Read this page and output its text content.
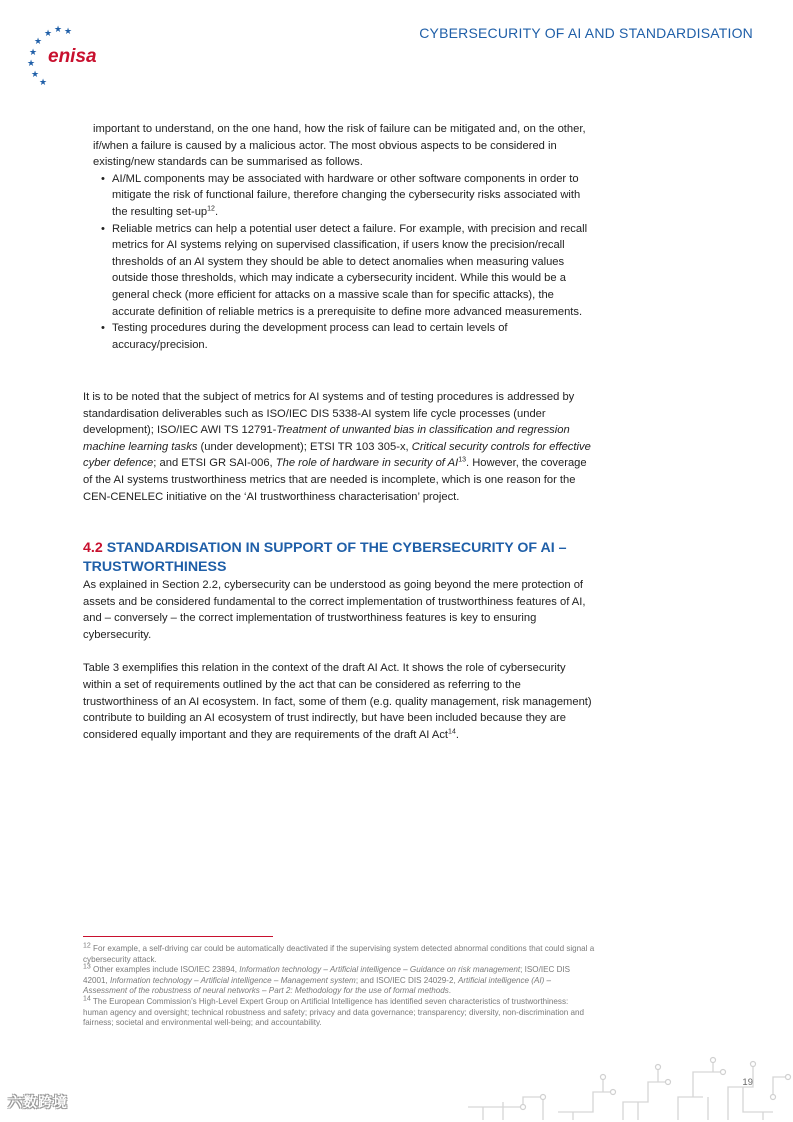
★ ★ ★
★
★
★
★
★
enisa
CYBERSECURITY OF AI AND STANDARDISATION
important to understand, on the one hand, how the risk of failure can be mitigated and, on the other, if/when a failure is caused by a malicious actor. The most obvious aspects to be considered in existing/new standards can be summarised as follows.
• AI/ML components may be associated with hardware or other software components in order to mitigate the risk of functional failure, therefore changing the cybersecurity risks associated with the resulting set-$up^{12}$.
• Reliable metrics can help a potential user detect a failure. For example, with precision and recall metrics for AI systems relying on supervised classification, if users know the precision/recall thresholds of an AI system they should be able to detect anomalies when measuring values outside those thresholds, which may indicate a cybersecurity incident. While this would be a general check (more efficient for attacks on a massive scale than for specific attacks), the accurate definition of reliable metrics is a prerequisite to define more advanced measurements.
• Testing procedures during the development process can lead to certain levels of accuracy/precision.
It is to be noted that the subject of metrics for AI systems and of testing procedures is addressed by standardisation deliverables such as ISO/IEC DIS 5338-AI system life cycle processes (under development); ISO/IEC AWI TS 12791-Treatment of unwanted bias in classification and regression machine learning tasks (under development); ETSI TR 103 305-x, Critical security controls for effective cyber defence; and ETSI GR SAI-006, The role of hardware in security of AI$^{13}$. However, the coverage of the AI systems trustworthiness metrics that are needed is incomplete, which is one reason for the CEN-CENELEC initiative on the ‘AI trustworthiness characterisation’ project.
4.2 STANDARDISATION IN SUPPORT OF THE CYBERSECURITY OF AI – TRUSTWORTHINESS

As explained in Section 2.2, cybersecurity can be understood as going beyond the mere protection of assets and be considered fundamental to the correct implementation of trustworthiness features of AI, and – conversely – the correct implementation of trustworthiness features is key to ensuring cybersecurity.

Table 3 exemplifies this relation in the context of the draft AI Act. It shows the role of cybersecurity within a set of requirements outlined by the act that can be considered as referring to the trustworthiness of an AI ecosystem. In fact, some of them (e.g. quality management, risk management) contribute to building an AI ecosystem of trust indirectly, but have been included because they are considered equally important and they are requirements of the draft AI Act$^{14}$.

$^{12}$ For example, a self-driving car could be automatically deactivated if the supervising system detected abnormal conditions that could signal a cybersecurity attack.

$^{13}$ Other examples include ISO/IEC 23894, Information technology – Artificial intelligence – Guidance on risk management; ISO/IEC DIS 42001, Information technology – Artificial intelligence – Management system; and ISO/IEC DIS 24029-2, Artificial intelligence (AI) – Assessment of the robustness of neural networks – Part 2: Methodology for the use of formal methods.

$^{14}$ The European Commission’s High-Level Expert Group on Artificial Intelligence has identified seven characteristics of trustworthiness: human agency and oversight; technical robustness and safety; privacy and data governance; transparency; diversity, non-discrimination and fairness; societal and environmental well-being; and accountability.

19
六数跨境
